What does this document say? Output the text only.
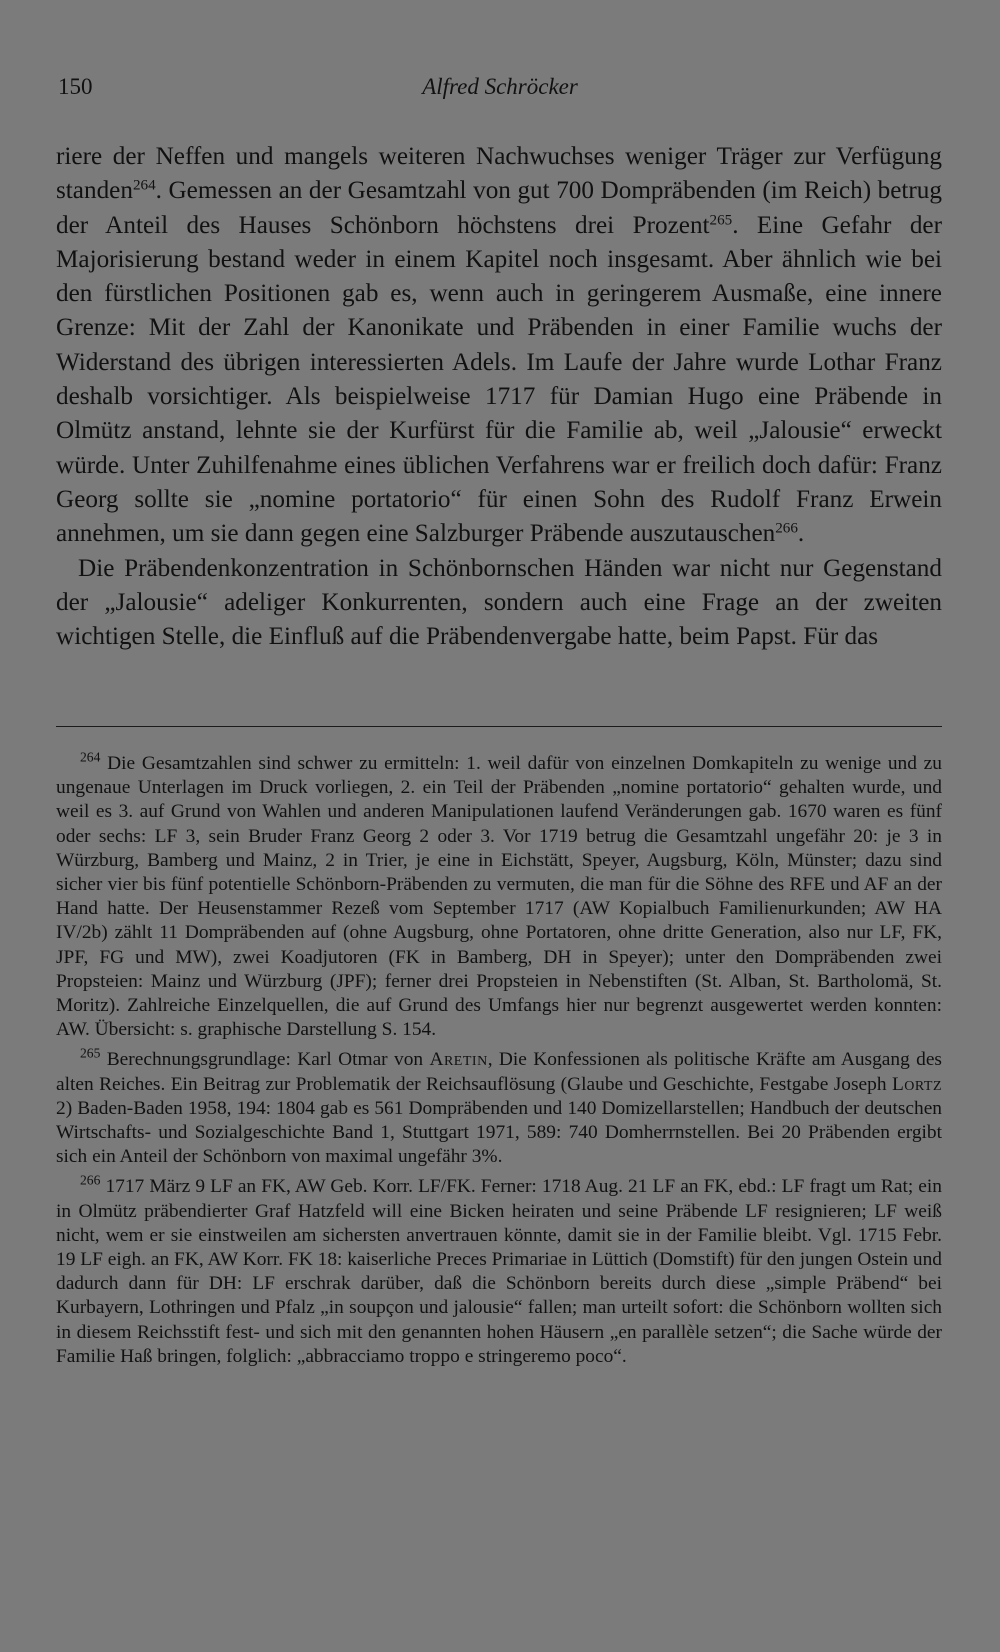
150	Alfred Schröcker

riere der Neffen und mangels weiteren Nachwuchses weniger Träger zur Verfügung standen$^{264}$. Gemessen an der Gesamtzahl von gut 700 Dompräbenden (im Reich) betrug der Anteil des Hauses Schönborn höchstens drei Prozent$^{265}$. Eine Gefahr der Majorisierung bestand weder in einem Kapitel noch insgesamt. Aber ähnlich wie bei den fürstlichen Positionen gab es, wenn auch in geringerem Ausmaße, eine innere Grenze: Mit der Zahl der Kanonikate und Präbenden in einer Familie wuchs der Widerstand des übrigen interessierten Adels. Im Laufe der Jahre wurde Lothar Franz deshalb vorsichtiger. Als beispielweise 1717 für Damian Hugo eine Präbende in Olmütz anstand, lehnte sie der Kurfürst für die Familie ab, weil „Jalousie“ erweckt würde. Unter Zuhilfenahme eines üblichen Verfahrens war er freilich doch dafür: Franz Georg sollte sie „nomine portatorio“ für einen Sohn des Rudolf Franz Erwein annehmen, um sie dann gegen eine Salzburger Präbende auszutauschen$^{266}$.

Die Präbendenkonzentration in Schönbornschen Händen war nicht nur Gegenstand der „Jalousie“ adeliger Konkurrenten, sondern auch eine Frage an der zweiten wichtigen Stelle, die Einfluß auf die Präbendenvergabe hatte, beim Papst. Für das

$^{264}$ Die Gesamtzahlen sind schwer zu ermitteln: 1. weil dafür von einzelnen Domkapiteln zu wenige und zu ungenaue Unterlagen im Druck vorliegen, 2. ein Teil der Präbenden „nomine portatorio“ gehalten wurde, und weil es 3. auf Grund von Wahlen und anderen Manipulationen laufend Veränderungen gab. 1670 waren es fünf oder sechs: LF 3, sein Bruder Franz Georg 2 oder 3. Vor 1719 betrug die Gesamtzahl ungefähr 20: je 3 in Würzburg, Bamberg und Mainz, 2 in Trier, je eine in Eichstätt, Speyer, Augsburg, Köln, Münster; dazu sind sicher vier bis fünf potentielle Schönborn-Präbenden zu vermuten, die man für die Söhne des RFE und AF an der Hand hatte. Der Heusenstammer Rezeß vom September 1717 (AW Kopialbuch Familienurkunden; AW HA IV/2b) zählt 11 Dompräbenden auf (ohne Augsburg, ohne Portatoren, ohne dritte Generation, also nur LF, FK, JPF, FG und MW), zwei Koadjutoren (FK in Bamberg, DH in Speyer); unter den Dompräbenden zwei Propsteien: Mainz und Würzburg (JPF); ferner drei Propsteien in Nebenstiften (St. Alban, St. Bartholomä, St. Moritz). Zahlreiche Einzelquellen, die auf Grund des Umfangs hier nur begrenzt ausgewertet werden konnten: AW. Übersicht: s. graphische Darstellung S. 154.

$^{265}$ Berechnungsgrundlage: Karl Otmar von Aretin, Die Konfessionen als politische Kräfte am Ausgang des alten Reiches. Ein Beitrag zur Problematik der Reichsauflösung (Glaube und Geschichte, Festgabe Joseph Lortz 2) Baden-Baden 1958, 194: 1804 gab es 561 Dompräbenden und 140 Domizellarstellen; Handbuch der deutschen Wirtschafts- und Sozialgeschichte Band 1, Stuttgart 1971, 589: 740 Domherrnstellen. Bei 20 Präbenden ergibt sich ein Anteil der Schönborn von maximal ungefähr 3%.

$^{266}$ 1717 März 9 LF an FK, AW Geb. Korr. LF/FK. Ferner: 1718 Aug. 21 LF an FK, ebd.: LF fragt um Rat; ein in Olmütz präbendierter Graf Hatzfeld will eine Bicken heiraten und seine Präbende LF resignieren; LF weiß nicht, wem er sie einstweilen am sichersten anvertrauen könnte, damit sie in der Familie bleibt. Vgl. 1715 Febr. 19 LF eigh. an FK, AW Korr. FK 18: kaiserliche Preces Primariae in Lüttich (Domstift) für den jungen Ostein und dadurch dann für DH: LF erschrak darüber, daß die Schönborn bereits durch diese „simple Präbend“ bei Kurbayern, Lothringen und Pfalz „in soupçon und jalousie“ fallen; man urteilt sofort: die Schönborn wollten sich in diesem Reichsstift fest- und sich mit den genannten hohen Häusern „en parallèle setzen“; die Sache würde der Familie Haß bringen, folglich: „abbracciamo troppo e stringeremo poco“.
